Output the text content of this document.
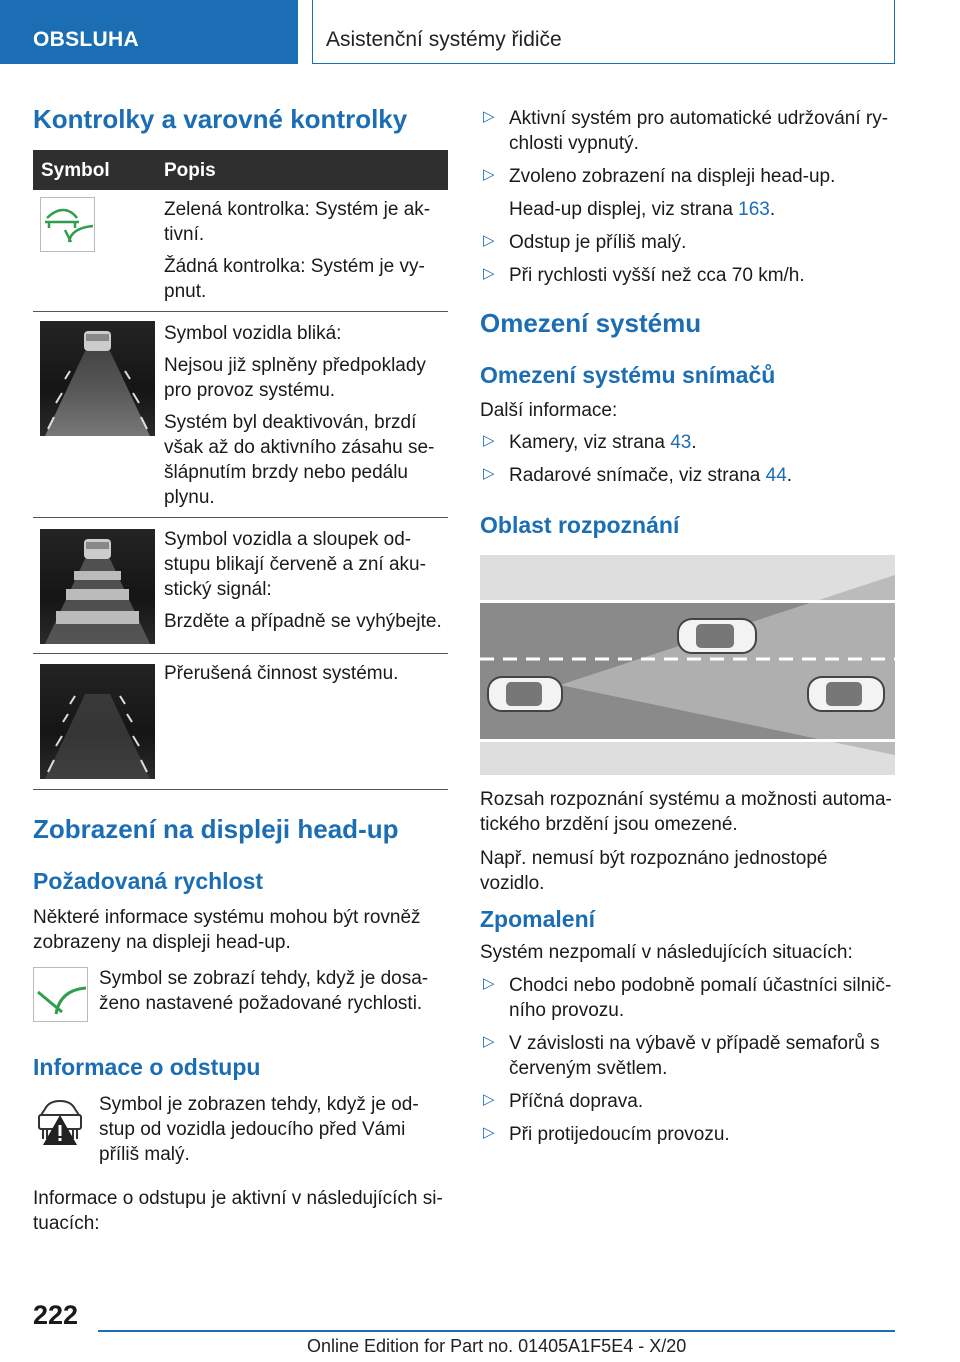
OBSLUHA	Asistenční systémy řidiče
Kontrolky a varovné kontrolky
Symbol	Popis

Zelená kontrolka: Systém je ak-tivní.

Žádná kontrolka: Systém je vy-pnut.

Symbol vozidla bliká:

Nejsou již splněny předpoklady pro provoz systému.

Systém byl deaktivován, brzdí však až do aktivního zásahu se-šlápnutím brzdy nebo pedálu plynu.

Symbol vozidla a sloupek od-stupu blikají červeně a zní aku-stický signál:

Brzděte a případně se vyhýbejte.

Přerušená činnost systému.

Zobrazení na displeji head-up
Požadovaná rychlost

Některé informace systému mohou být rovněž zobrazeny na displeji head-up.

Symbol se zobrazí tehdy, když je dosa-ženo nastavené požadované rychlosti.

Informace o odstupu

Symbol je zobrazen tehdy, když je od-stup od vozidla jedoucího před Vámi příliš malý.

Informace o odstupu je aktivní v následujících si-tuacích:

▷ Aktivní systém pro automatické udržování ry-chlosti vypnutý.

▷ Zvoleno zobrazení na displeji head-up.

Head-up displej, viz strana 163.

▷ Odstup je příliš malý.

▷ Při rychlosti vyšší než cca 70 km/h.

Omezení systému
Omezení systému snímačů

Další informace:

▷ Kamery, viz strana 43.

▷ Radarové snímače, viz strana 44.

Oblast rozpoznání

Rozsah rozpoznání systému a možnosti automa-tického brzdění jsou omezené.

Např. nemusí být rozpoznáno jednostopé vozidlo.

Zpomalení

Systém nezpomalí v následujících situacích:

▷ Chodci nebo podobně pomalí účastníci silnič-ního provozu.

▷ V závislosti na výbavě v případě semaforů s červeným světlem.

▷ Příčná doprava.

▷ Při protijedoucím provozu.

222
Online Edition for Part no. 01405A1F5E4 - X/20
